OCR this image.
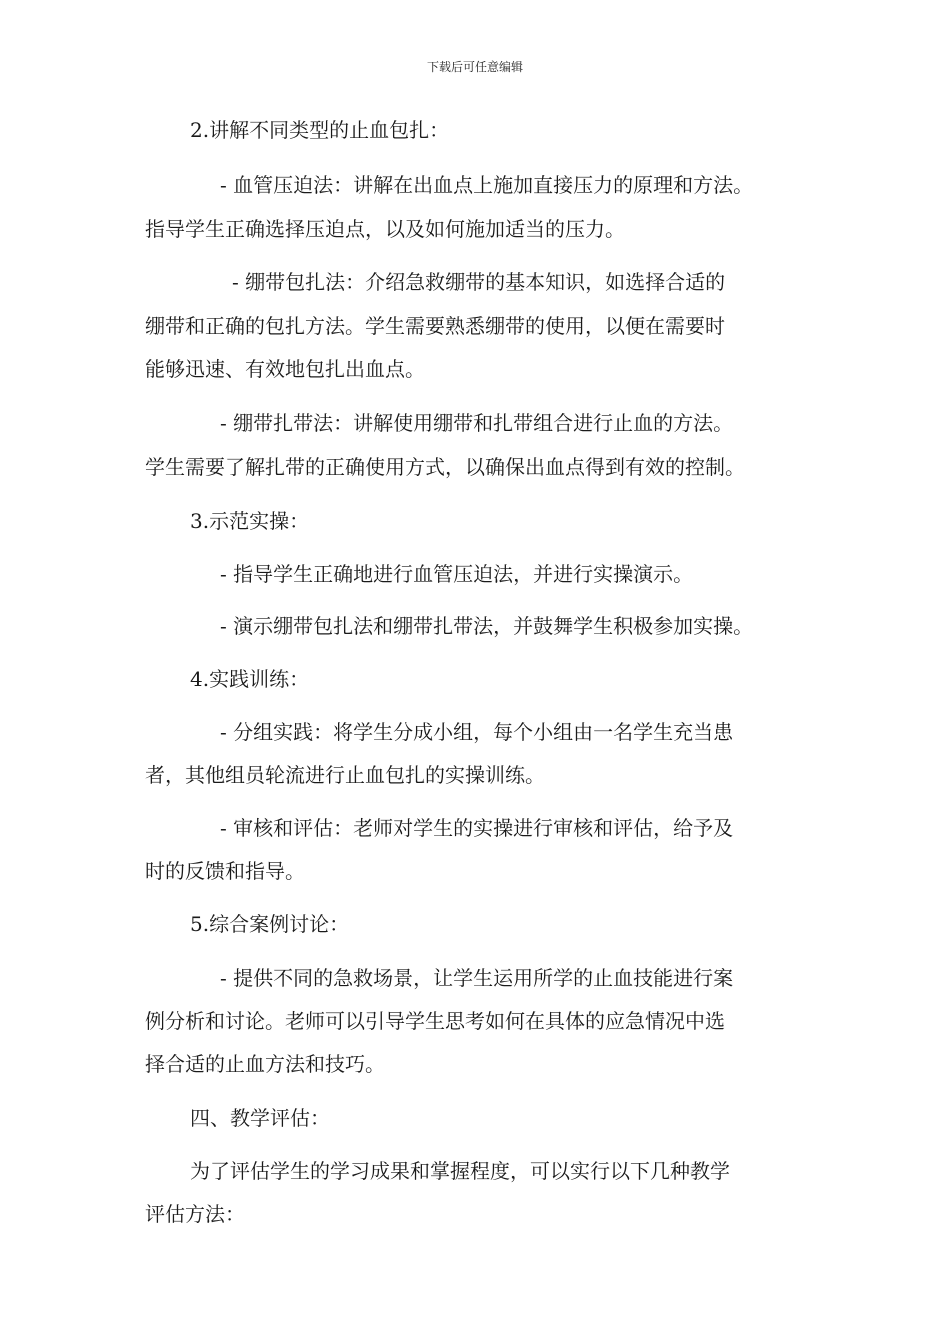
下载后可任意编辑
2.讲解不同类型的止血包扎：
- 血管压迫法：讲解在出血点上施加直接压力的原理和方法。
指导学生正确选择压迫点，以及如何施加适当的压力。
- 绷带包扎法：介绍急救绷带的基本知识，如选择合适的
绷带和正确的包扎方法。学生需要熟悉绷带的使用，以便在需要时
能够迅速、有效地包扎出血点。
- 绷带扎带法：讲解使用绷带和扎带组合进行止血的方法。
学生需要了解扎带的正确使用方式，以确保出血点得到有效的控制。
3.示范实操：
- 指导学生正确地进行血管压迫法，并进行实操演示。
- 演示绷带包扎法和绷带扎带法，并鼓舞学生积极参加实操。
4.实践训练：
- 分组实践：将学生分成小组，每个小组由一名学生充当患
者，其他组员轮流进行止血包扎的实操训练。
- 审核和评估：老师对学生的实操进行审核和评估，给予及
时的反馈和指导。
5.综合案例讨论：
- 提供不同的急救场景，让学生运用所学的止血技能进行案
例分析和讨论。老师可以引导学生思考如何在具体的应急情况中选
择合适的止血方法和技巧。
四、教学评估：
为了评估学生的学习成果和掌握程度，可以实行以下几种教学
评估方法：
